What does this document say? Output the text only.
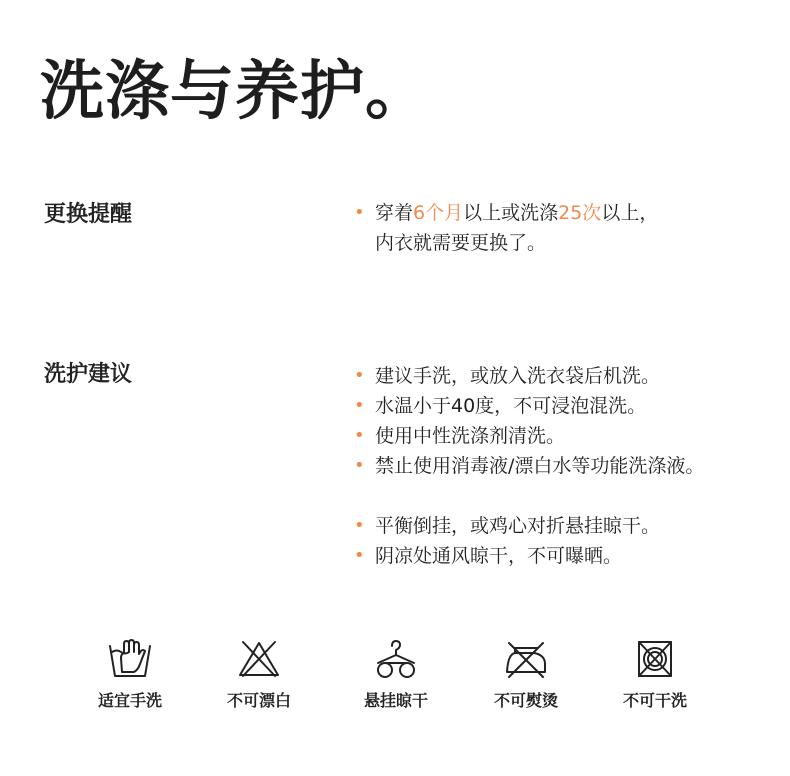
洗涤与养护。
更换提醒	• 穿着6个月以上或洗涤25次以上，
内衣就需要更换了。
洗护建议	• 建议手洗，或放入洗衣袋后机洗。
• 水温小于40度，不可浸泡混洗。
• 使用中性洗涤剂清洗。
• 禁止使用消毒液/漂白水等功能洗涤液。
• 平衡倒挂，或鸡心对折悬挂晾干。
• 阴凉处通风晾干，不可曝晒。
适宜手洗	不可漂白	悬挂晾干	不可熨烫	不可干洗
